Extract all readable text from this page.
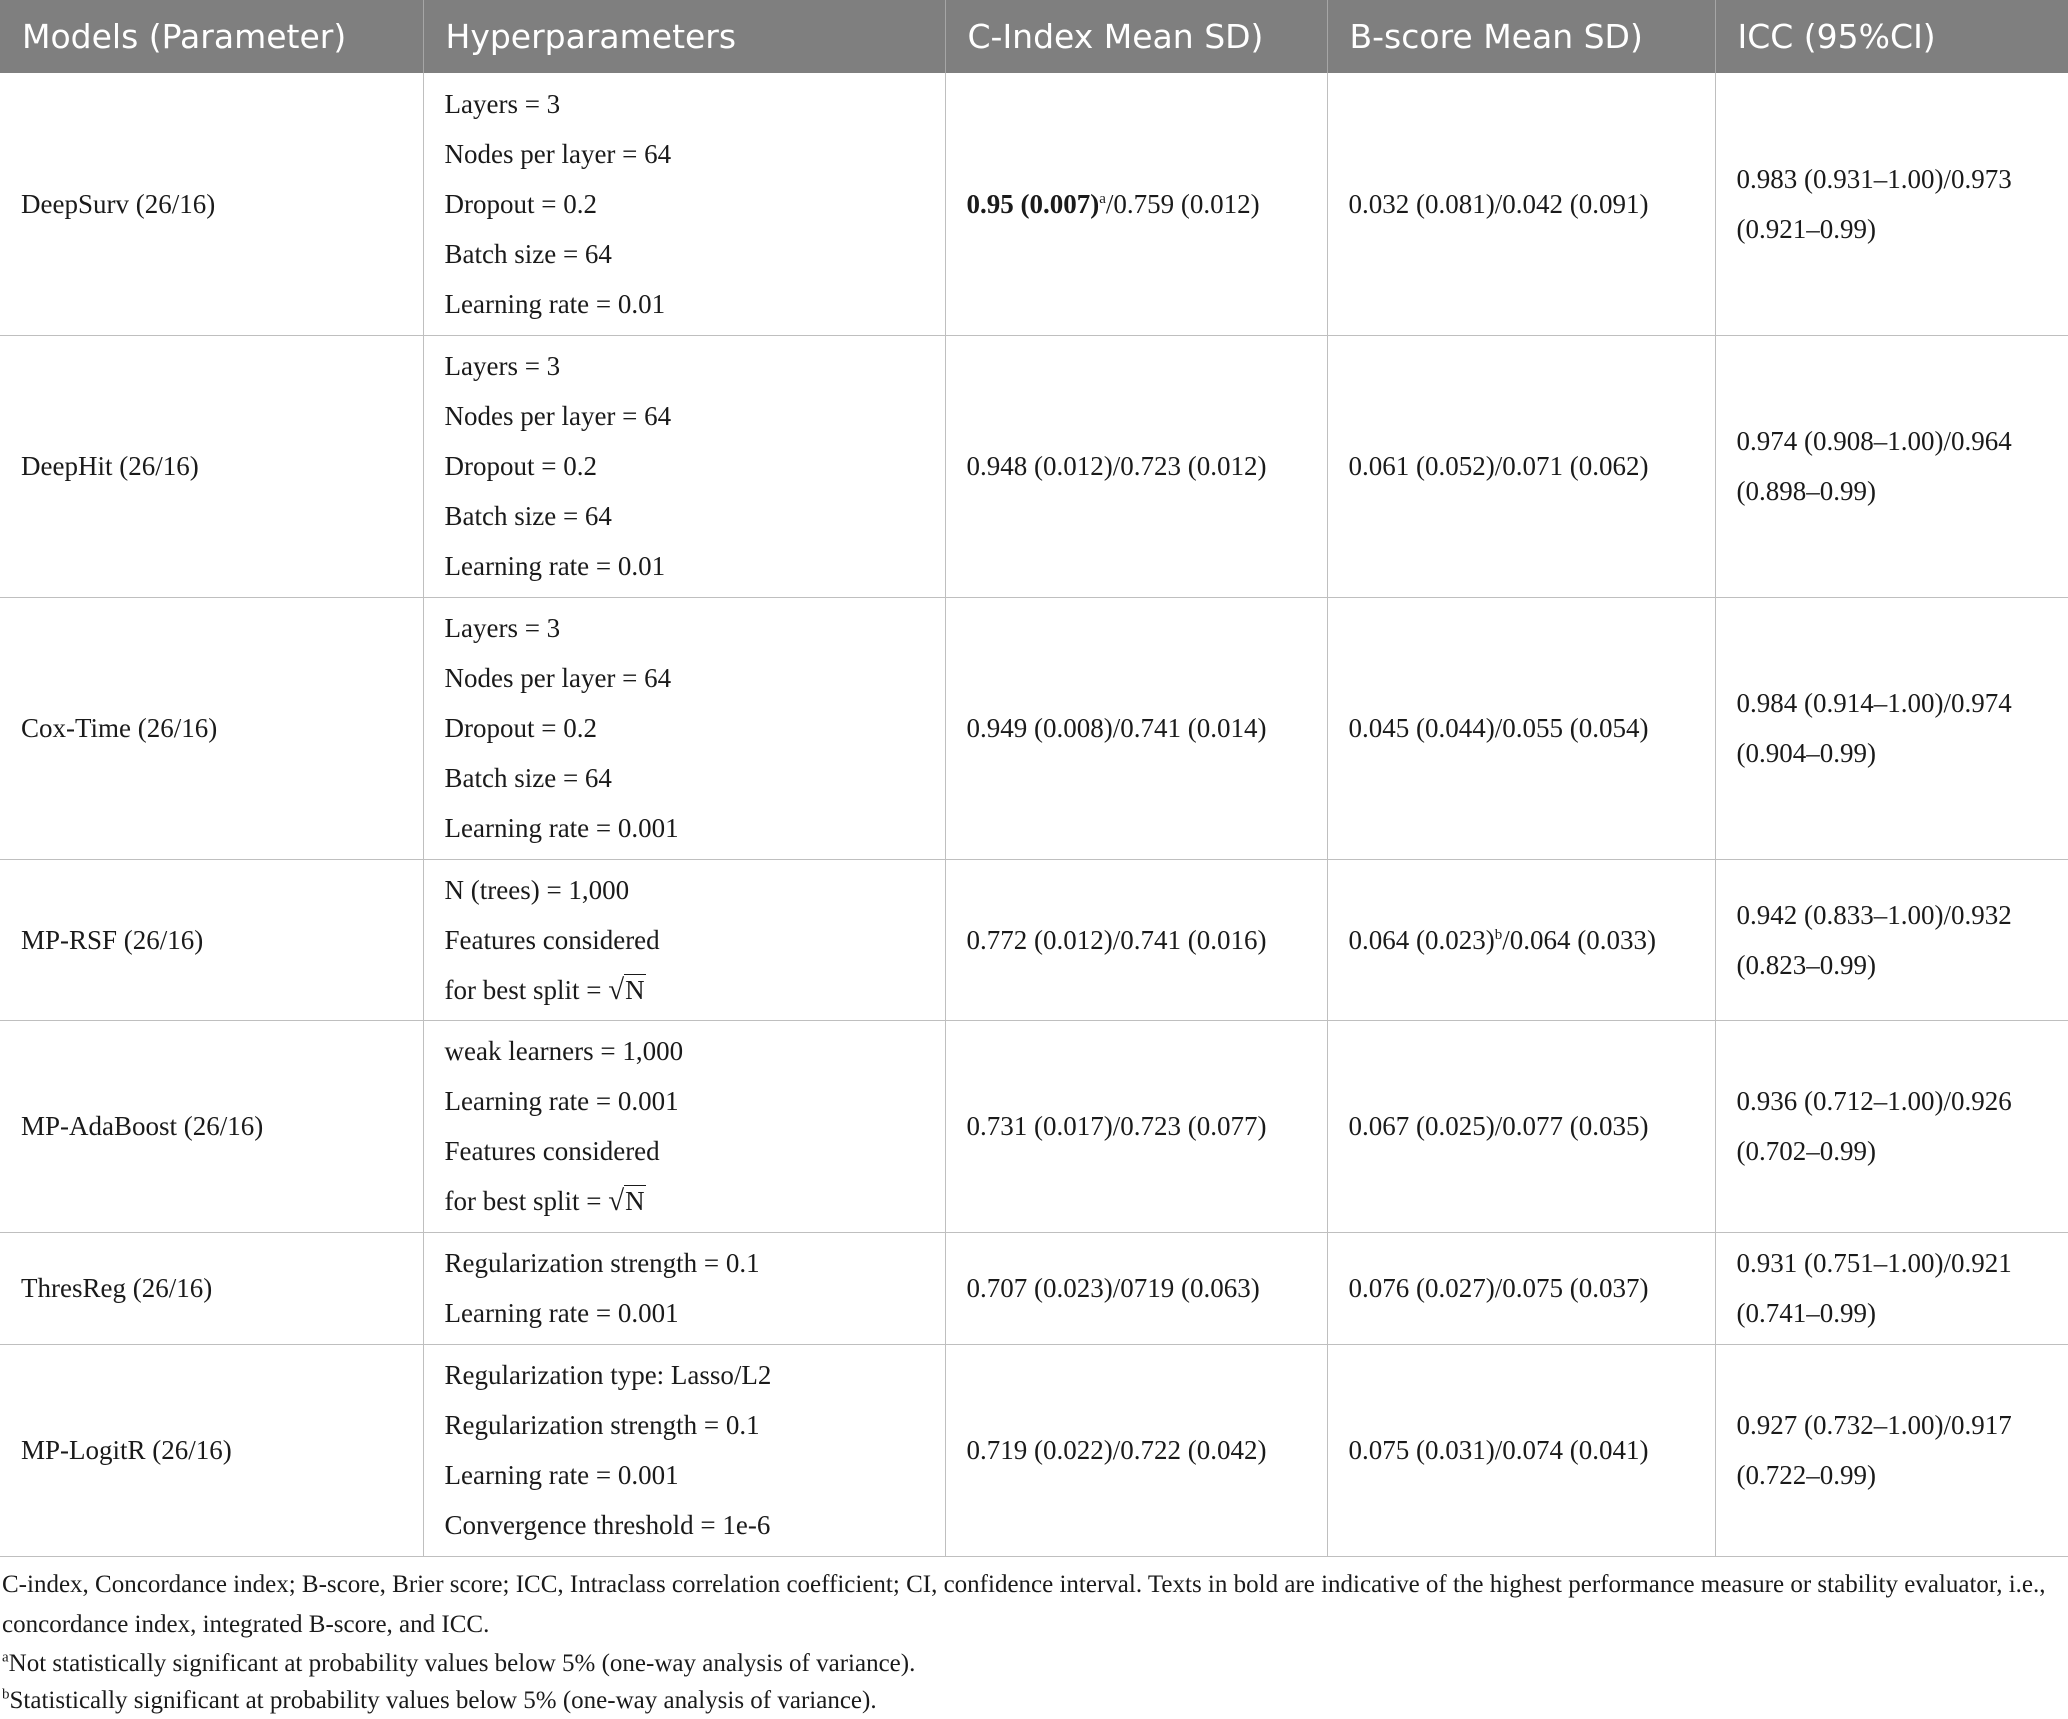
Models (Parameter)	Hyperparameters	C-Index Mean SD)	B-score Mean SD)	ICC (95%CI)
DeepSurv (26/16)	Layers = 3
Nodes per layer = 64
Dropout = 0.2
Batch size = 64
Learning rate = 0.01	0.95 $(0.007)^a/0.759$ (0.012)	0.032 (0.081)/0.042 (0.091)	0.983 (0.931–1.00)/0.973
(0.921–0.99)

DeepHit (26/16)	Layers = 3
Nodes per layer = 64
Dropout = 0.2
Batch size = 64
Learning rate = 0.01	0.948 (0.012)/0.723 (0.012)	0.061 (0.052)/0.071 (0.062)	0.974 (0.908–1.00)/0.964
(0.898–0.99)

Cox-Time (26/16)	Layers = 3
Nodes per layer = 64
Dropout = 0.2
Batch size = 64
Learning rate = 0.001	0.949 (0.008)/0.741 (0.014)	0.045 (0.044)/0.055 (0.054)	0.984 (0.914–1.00)/0.974
(0.904–0.99)

MP-RSF (26/16)	N (trees) = 1,000
Features considered
for best split = √N	0.772 (0.012)/0.741 (0.016)	0.064 $(0.023)^b/0.064$ (0.033)	0.942 (0.833–1.00)/0.932
(0.823–0.99)

MP-AdaBoost (26/16)	weak learners = 1,000
Learning rate = 0.001
Features considered
for best split = √N	0.731 (0.017)/0.723 (0.077)	0.067 (0.025)/0.077 (0.035)	0.936 (0.712–1.00)/0.926
(0.702–0.99)

ThresReg (26/16)	Regularization strength = 0.1
Learning rate = 0.001	0.707 (0.023)/0719 (0.063)	0.076 (0.027)/0.075 (0.037)	0.931 (0.751–1.00)/0.921
(0.741–0.99)

MP-LogitR (26/16)	Regularization type: Lasso/L2
Regularization strength = 0.1
Learning rate = 0.001
Convergence threshold = 1e-6	0.719 (0.022)/0.722 (0.042)	0.075 (0.031)/0.074 (0.041)	0.927 (0.732–1.00)/0.917
(0.722–0.99)

C-index, Concordance index; B-score, Brier score; ICC, Intraclass correlation coefficient; CI, confidence interval. Texts in bold are indicative of the highest performance measure or stability evaluator, i.e., concordance index, integrated B-score, and ICC.

$^a$Not statistically significant at probability values below 5% (one-way analysis of variance).

$^b$Statistically significant at probability values below 5% (one-way analysis of variance).
